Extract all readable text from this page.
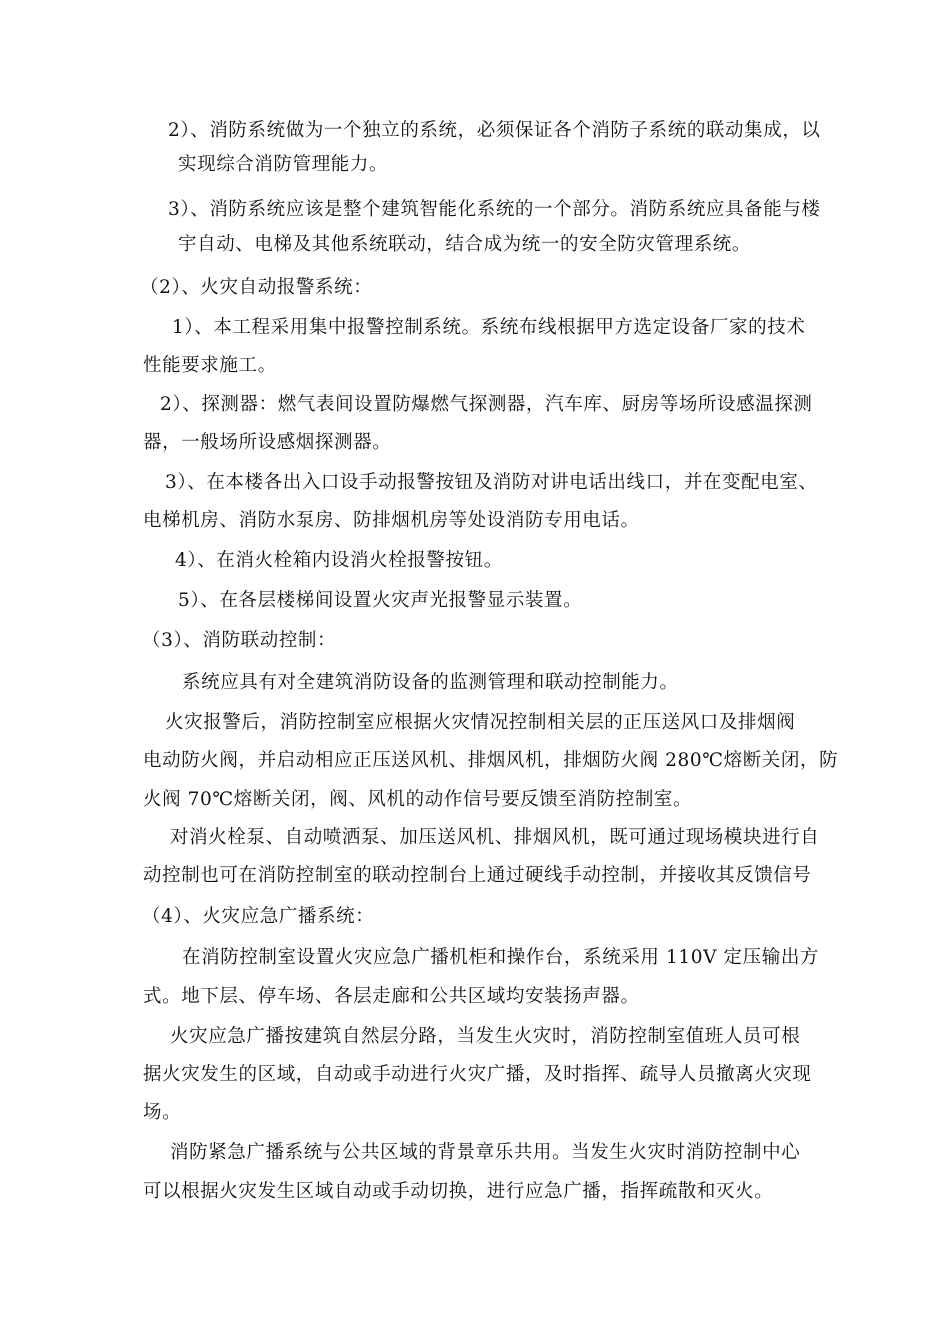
2）、消防系统做为一个独立的系统，必须保证各个消防子系统的联动集成，以
实现综合消防管理能力。
3）、消防系统应该是整个建筑智能化系统的一个部分。消防系统应具备能与楼
宇自动、电梯及其他系统联动，结合成为统一的安全防灾管理系统。
（2）、火灾自动报警系统：
1）、本工程采用集中报警控制系统。系统布线根据甲方选定设备厂家的技术
性能要求施工。
2）、探测器：燃气表间设置防爆燃气探测器，汽车库、厨房等场所设感温探测
器，一般场所设感烟探测器。
3）、在本楼各出入口设手动报警按钮及消防对讲电话出线口，并在变配电室、
电梯机房、消防水泵房、防排烟机房等处设消防专用电话。
4）、在消火栓箱内设消火栓报警按钮。
5）、在各层楼梯间设置火灾声光报警显示装置。
（3）、消防联动控制：
系统应具有对全建筑消防设备的监测管理和联动控制能力。
火灾报警后，消防控制室应根据火灾情况控制相关层的正压送风口及排烟阀
电动防火阀，并启动相应正压送风机、排烟风机，排烟防火阀 280℃熔断关闭，防
火阀 70℃熔断关闭，阀、风机的动作信号要反馈至消防控制室。
对消火栓泵、自动喷洒泵、加压送风机、排烟风机，既可通过现场模块进行自
动控制也可在消防控制室的联动控制台上通过硬线手动控制，并接收其反馈信号
（4）、火灾应急广播系统：
在消防控制室设置火灾应急广播机柜和操作台，系统采用 110V 定压输出方
式。地下层、停车场、各层走廊和公共区域均安装扬声器。
火灾应急广播按建筑自然层分路，当发生火灾时，消防控制室值班人员可根
据火灾发生的区域，自动或手动进行火灾广播，及时指挥、疏导人员撤离火灾现
场。
消防紧急广播系统与公共区域的背景章乐共用。当发生火灾时消防控制中心
可以根据火灾发生区域自动或手动切换，进行应急广播，指挥疏散和灭火。
